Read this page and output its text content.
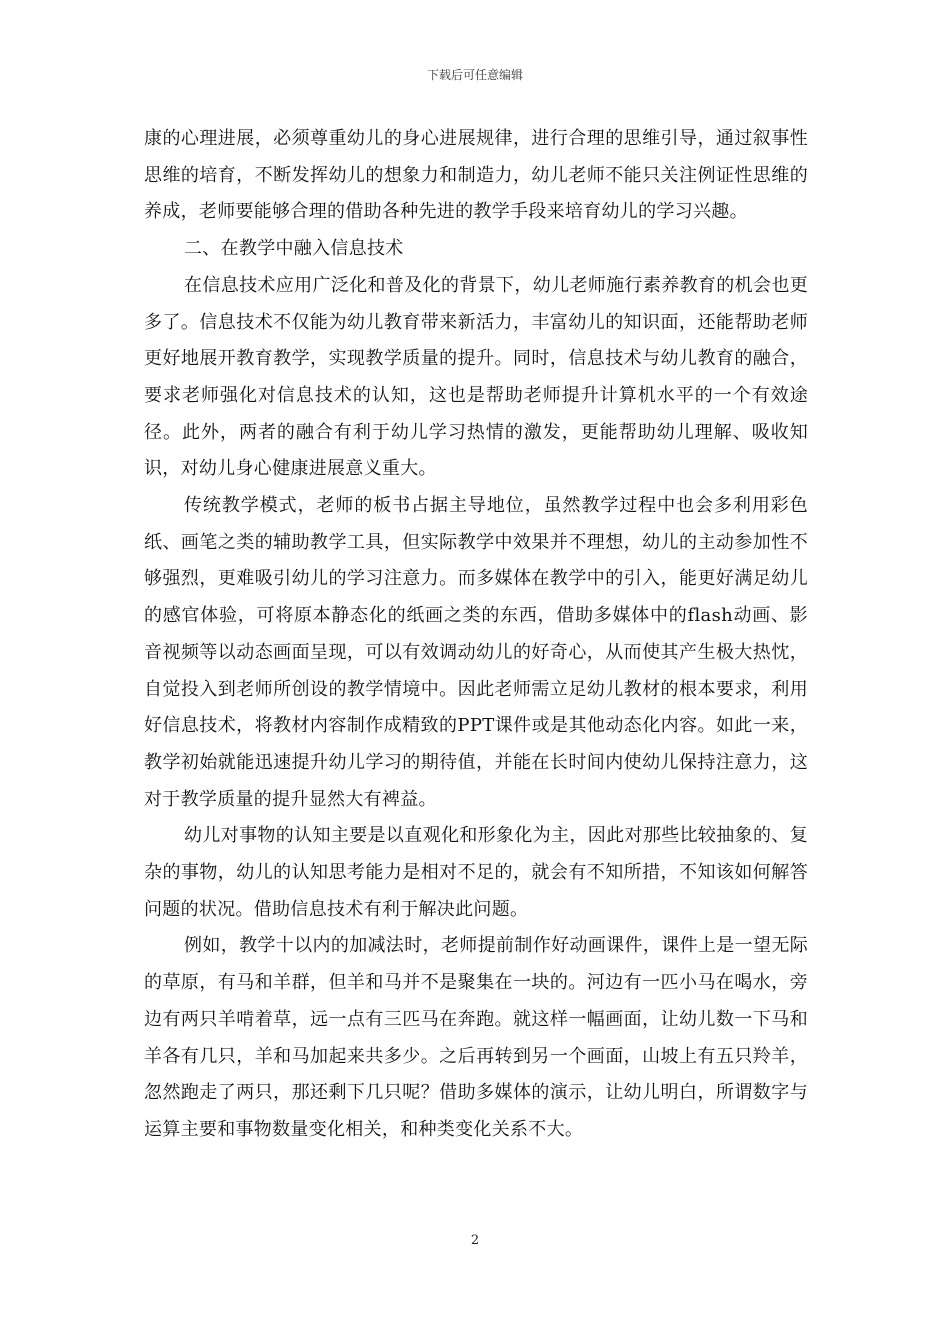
下载后可任意编辑

康的心理进展，必须尊重幼儿的身心进展规律，进行合理的思维引导，通过叙事性思维的培育，不断发挥幼儿的想象力和制造力，幼儿老师不能只关注例证性思维的养成，老师要能够合理的借助各种先进的教学手段来培育幼儿的学习兴趣。

二、在教学中融入信息技术

在信息技术应用广泛化和普及化的背景下，幼儿老师施行素养教育的机会也更多了。信息技术不仅能为幼儿教育带来新活力，丰富幼儿的知识面，还能帮助老师更好地展开教育教学，实现教学质量的提升。同时，信息技术与幼儿教育的融合，要求老师强化对信息技术的认知，这也是帮助老师提升计算机水平的一个有效途径。此外，两者的融合有利于幼儿学习热情的激发，更能帮助幼儿理解、吸收知识，对幼儿身心健康进展意义重大。

传统教学模式，老师的板书占据主导地位，虽然教学过程中也会多利用彩色纸、画笔之类的辅助教学工具，但实际教学中效果并不理想，幼儿的主动参加性不够强烈，更难吸引幼儿的学习注意力。而多媒体在教学中的引入，能更好满足幼儿的感官体验，可将原本静态化的纸画之类的东西，借助多媒体中的flash动画、影音视频等以动态画面呈现，可以有效调动幼儿的好奇心，从而使其产生极大热忱，自觉投入到老师所创设的教学情境中。因此老师需立足幼儿教材的根本要求，利用好信息技术，将教材内容制作成精致的PPT课件或是其他动态化内容。如此一来，教学初始就能迅速提升幼儿学习的期待值，并能在长时间内使幼儿保持注意力，这对于教学质量的提升显然大有裨益。

幼儿对事物的认知主要是以直观化和形象化为主，因此对那些比较抽象的、复杂的事物，幼儿的认知思考能力是相对不足的，就会有不知所措，不知该如何解答问题的状况。借助信息技术有利于解决此问题。

例如，教学十以内的加减法时，老师提前制作好动画课件，课件上是一望无际的草原，有马和羊群，但羊和马并不是聚集在一块的。河边有一匹小马在喝水，旁边有两只羊啃着草，远一点有三匹马在奔跑。就这样一幅画面，让幼儿数一下马和羊各有几只，羊和马加起来共多少。之后再转到另一个画面，山坡上有五只羚羊，忽然跑走了两只，那还剩下几只呢？借助多媒体的演示，让幼儿明白，所谓数字与运算主要和事物数量变化相关，和种类变化关系不大。

2
